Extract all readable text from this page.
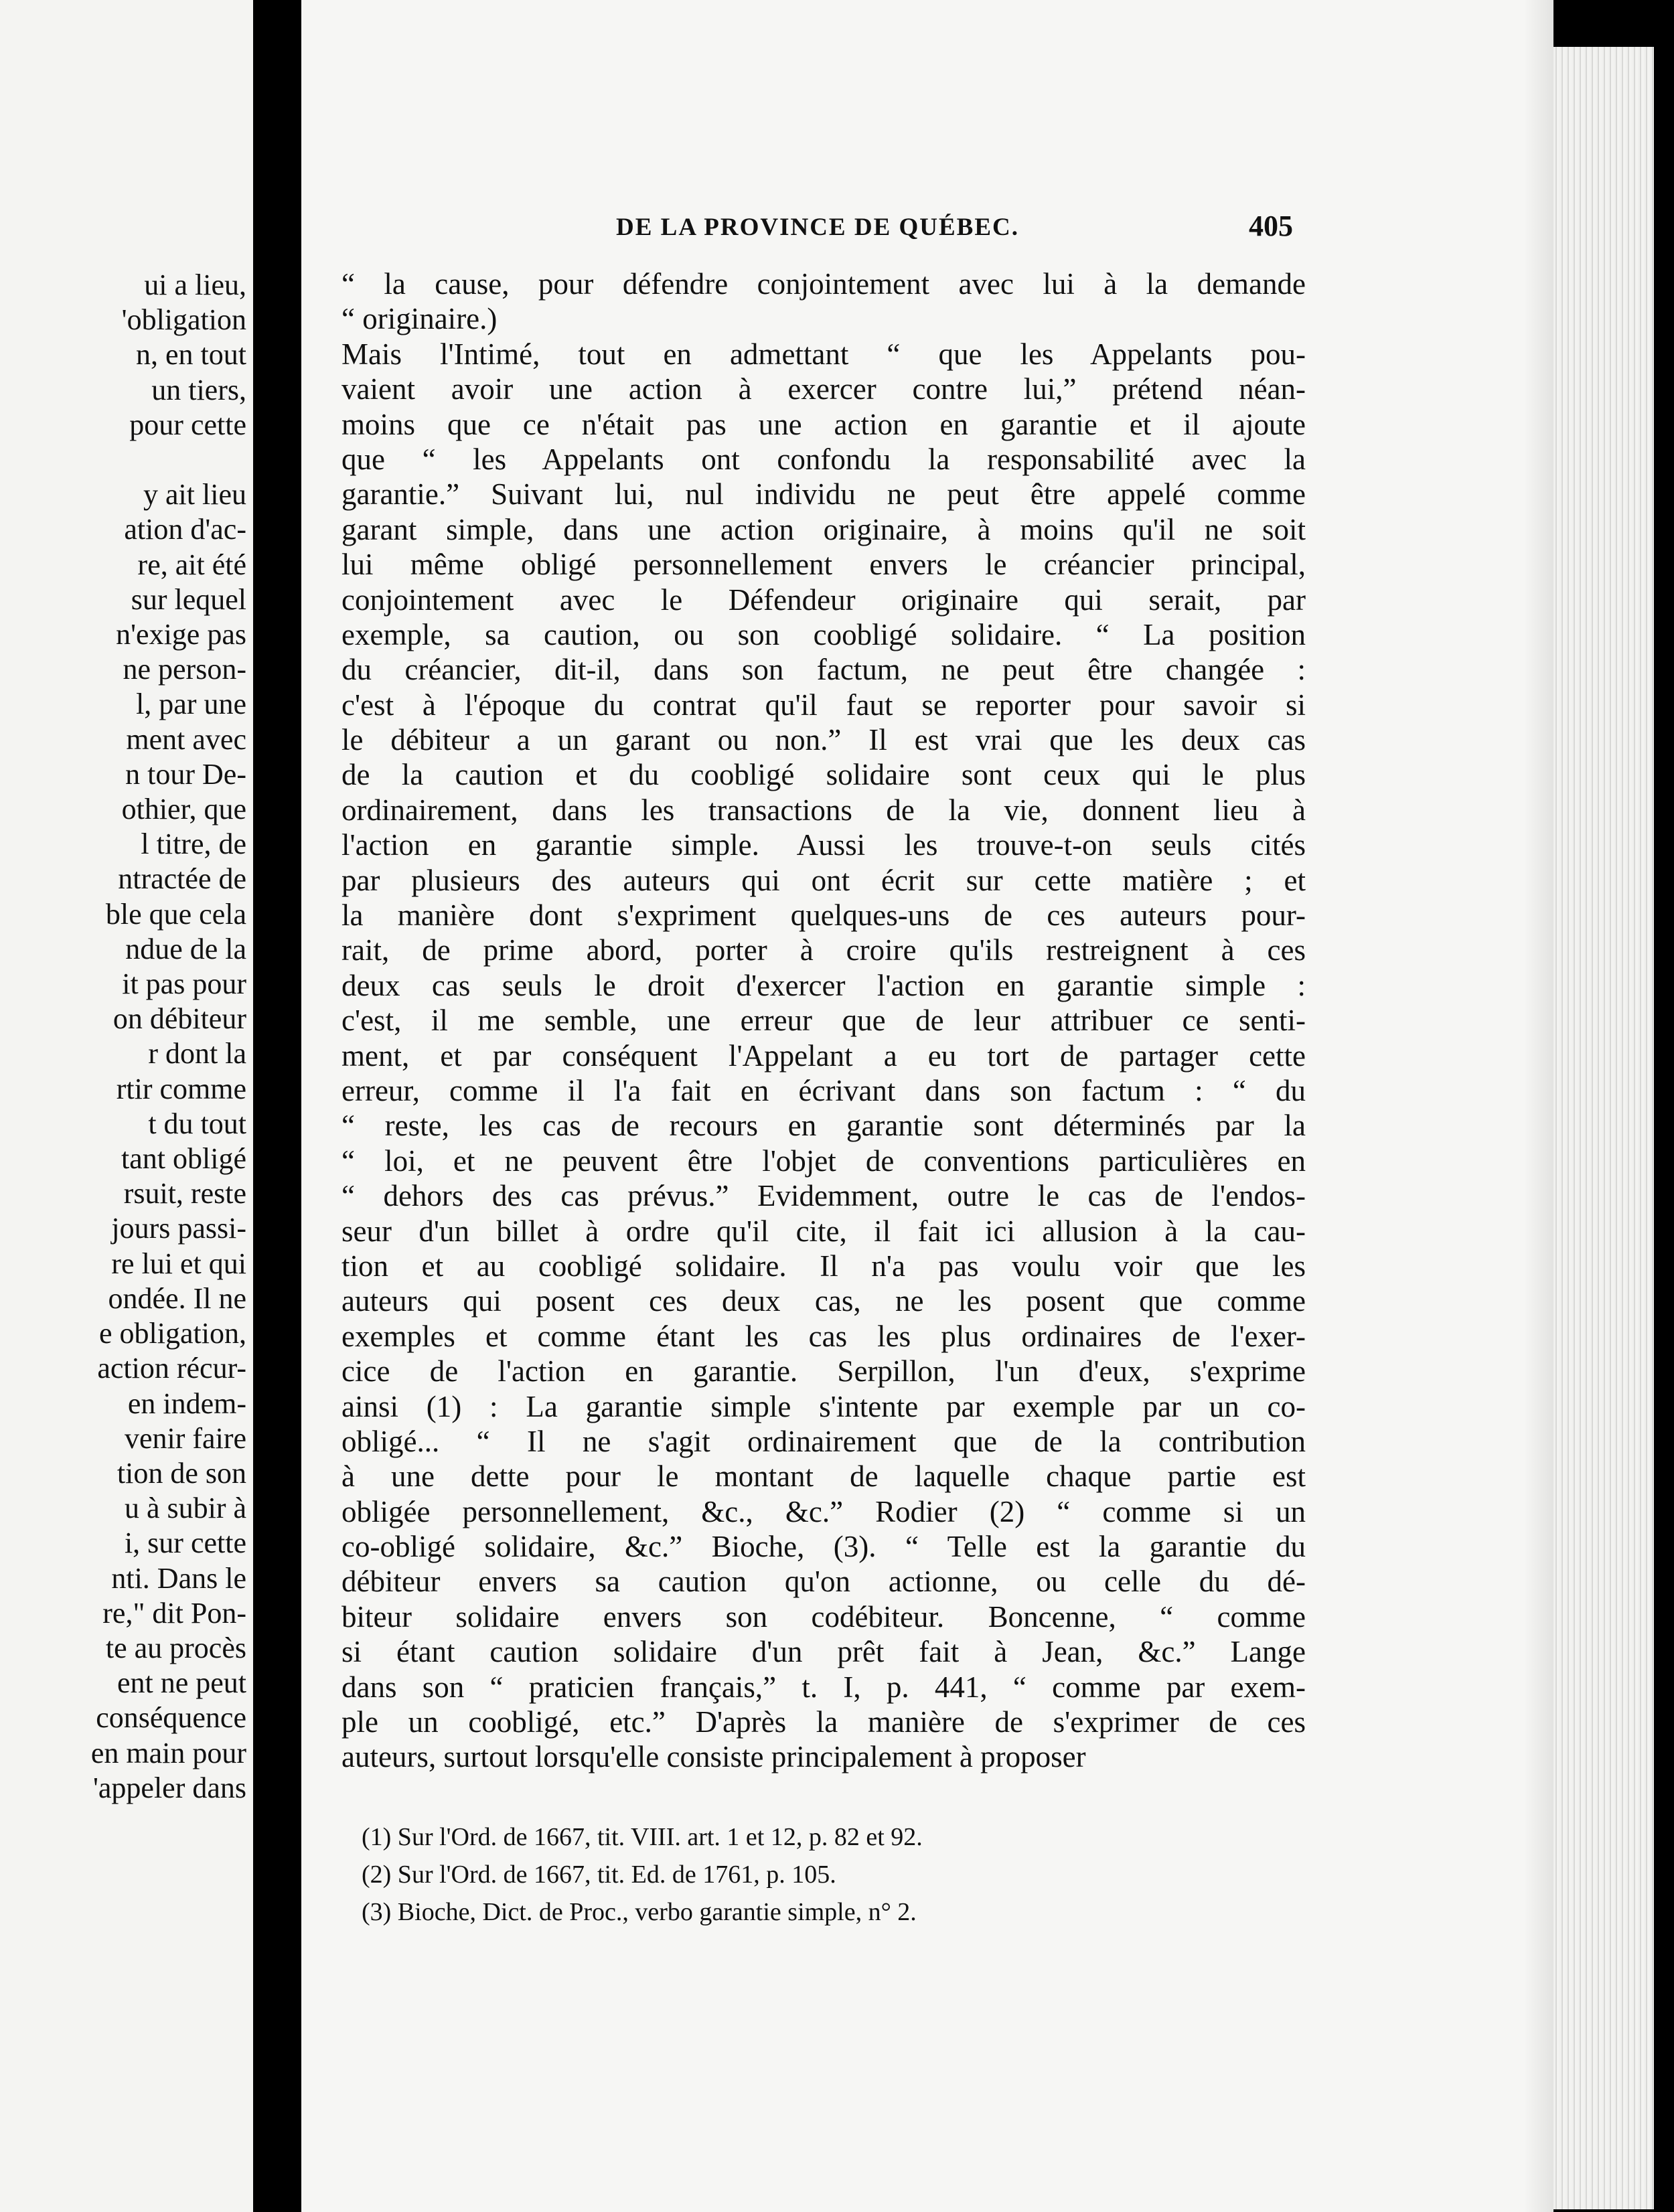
ui a lieu,
'obligation
n, en tout
un tiers,
pour cette

y ait lieu
ation d'ac-
re, ait été
sur lequel
n'exige pas
ne person-
l, par une
ment avec
n tour De-
othier, que
l titre, de
ntractée de
ble que cela
ndue de la
it pas pour
on débiteur
r dont la
rtir comme
t du tout
tant obligé
rsuit, reste
jours passi-
re lui et qui
ondée. Il ne
e obligation,
action récur-
en indem-
venir faire
tion de son
u à subir à
i, sur cette
nti. Dans le
re," dit Pon-
te au procès
ent ne peut
conséquence
en main pour
'appeler dans
DE LA PROVINCE DE QUÉBEC.	405
“ la cause, pour défendre conjointement avec lui à la demande
“ originaire.)
Mais l'Intimé, tout en admettant “ que les Appelants pou-
vaient avoir une action à exercer contre lui,” prétend néan-
moins que ce n'était pas une action en garantie et il ajoute
que “ les Appelants ont confondu la responsabilité avec la
garantie.” Suivant lui, nul individu ne peut être appelé comme
garant simple, dans une action originaire, à moins qu'il ne soit
lui même obligé personnellement envers le créancier principal,
conjointement avec le Défendeur originaire qui serait, par
exemple, sa caution, ou son coobligé solidaire. “ La position
du créancier, dit-il, dans son factum, ne peut être changée :
c'est à l'époque du contrat qu'il faut se reporter pour savoir si
le débiteur a un garant ou non.” Il est vrai que les deux cas
de la caution et du coobligé solidaire sont ceux qui le plus
ordinairement, dans les transactions de la vie, donnent lieu à
l'action en garantie simple. Aussi les trouve-t-on seuls cités
par plusieurs des auteurs qui ont écrit sur cette matière ; et
la manière dont s'expriment quelques-uns de ces auteurs pour-
rait, de prime abord, porter à croire qu'ils restreignent à ces
deux cas seuls le droit d'exercer l'action en garantie simple :
c'est, il me semble, une erreur que de leur attribuer ce senti-
ment, et par conséquent l'Appelant a eu tort de partager cette
erreur, comme il l'a fait en écrivant dans son factum : “ du
“ reste, les cas de recours en garantie sont déterminés par la
“ loi, et ne peuvent être l'objet de conventions particulières en
“ dehors des cas prévus.” Evidemment, outre le cas de l'endos-
seur d'un billet à ordre qu'il cite, il fait ici allusion à la cau-
tion et au coobligé solidaire. Il n'a pas voulu voir que les
auteurs qui posent ces deux cas, ne les posent que comme
exemples et comme étant les cas les plus ordinaires de l'exer-
cice de l'action en garantie. Serpillon, l'un d'eux, s'exprime
ainsi (1) : La garantie simple s'intente par exemple par un co-
obligé... “ Il ne s'agit ordinairement que de la contribution
à une dette pour le montant de laquelle chaque partie est
obligée personnellement, &c., &c.” Rodier (2) “ comme si un
co-obligé solidaire, &c.” Bioche, (3). “ Telle est la garantie du
débiteur envers sa caution qu'on actionne, ou celle du dé-
biteur solidaire envers son codébiteur. Boncenne, “ comme
si étant caution solidaire d'un prêt fait à Jean, &c.” Lange
dans son “ praticien français,” t. I, p. 441, “ comme par exem-
ple un coobligé, etc.” D'après la manière de s'exprimer de ces
auteurs, surtout lorsqu'elle consiste principalement à proposer
(1) Sur l'Ord. de 1667, tit. VIII. art. 1 et 12, p. 82 et 92.
(2) Sur l'Ord. de 1667, tit. Ed. de 1761, p. 105.
(3) Bioche, Dict. de Proc., verbo garantie simple, n° 2.
